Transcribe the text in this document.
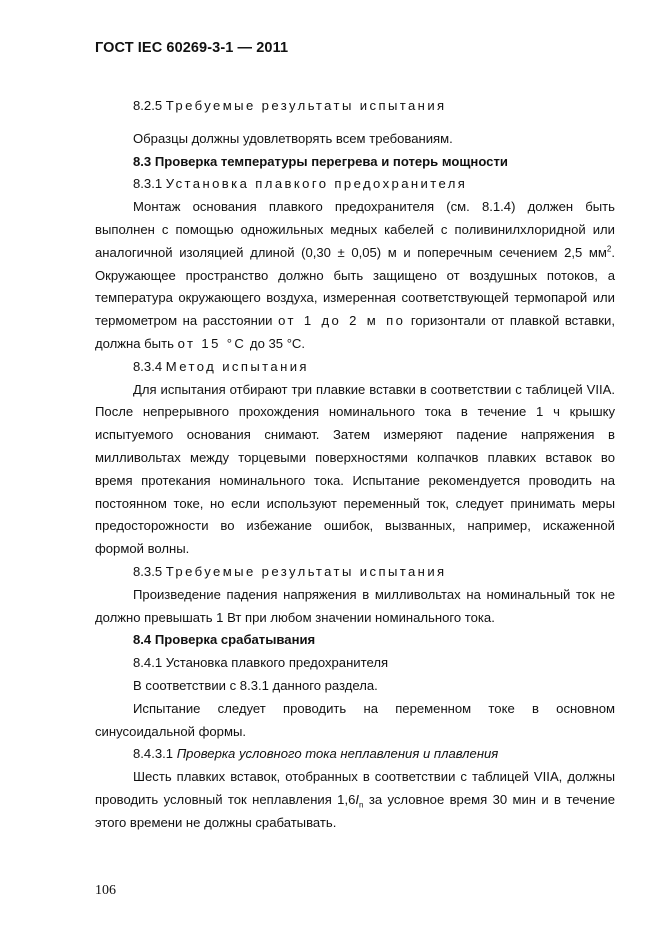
ГОСТ IEC 60269-3-1 — 2011

8.2.5 Требуемые результаты испытания

Образцы должны удовлетворять всем требованиям.

8.3 Проверка температуры перегрева и потерь мощности

8.3.1 Установка плавкого предохранителя

Монтаж основания плавкого предохранителя (см. 8.1.4) должен быть выполнен с помощью одножильных медных кабелей с поливинилхлоридной или аналогичной изоляцией длиной (0,30 ± 0,05) м и поперечным сечением 2,5 $мм^2$. Окружающее пространство должно быть защищено от воздушных потоков, а температура окружающего воздуха, измеренная соответствующей термопарой или термометром на расстоянии от 1 до 2 м по горизонтали от плавкой вставки, должна быть от 15 °С до 35 °С.

8.3.4 Метод испытания

Для испытания отбирают три плавкие вставки в соответствии с таблицей VIIA. После непрерывного прохождения номинального тока в течение 1 ч крышку испытуемого основания снимают. Затем измеряют падение напряжения в милливольтах между торцевыми поверхностями колпачков плавких вставок во время протекания номинального тока. Испытание рекомендуется проводить на постоянном токе, но если используют переменный ток, следует принимать меры предосторожности во избежание ошибок, вызванных, например, искаженной формой волны.

8.3.5 Требуемые результаты испытания

Произведение падения напряжения в милливольтах на номинальный ток не должно превышать 1 Вт при любом значении номинального тока.

8.4 Проверка срабатывания

8.4.1 Установка плавкого предохранителя

В соответствии с 8.3.1 данного раздела.

Испытание следует проводить на переменном токе в основном синусоидальной формы.

8.4.3.1 Проверка условного тока неплавления и плавления

Шесть плавких вставок, отобранных в соответствии с таблицей VIIA, должны проводить условный ток неплавления $1,6I_n$ за условное время 30 мин и в течение этого времени не должны срабатывать.

106
